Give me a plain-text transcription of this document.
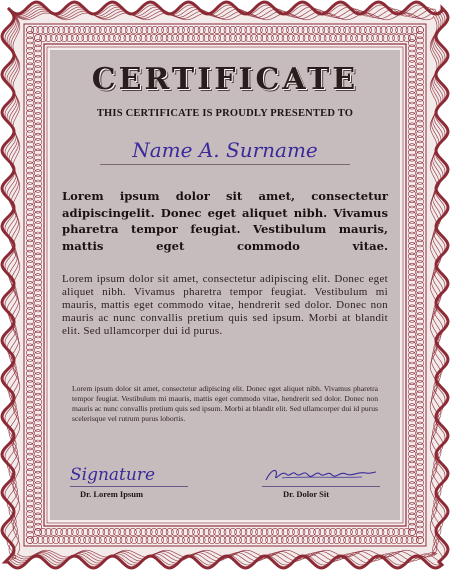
CERTIFICATE
THIS CERTIFICATE IS PROUDLY PRESENTED TO
Name A. Surname
Lorem ipsum dolor sit amet, consectetur adipiscingelit. Donec eget aliquet nibh. Vivamus pharetra tempor feugiat. Vestibulum mauris, mattis eget commodo vitae.
Lorem ipsum dolor sit amet, consectetur adipiscing elit. Donec eget aliquet nibh. Vivamus pharetra tempor feugiat. Vestibulum mi mauris, mattis eget commodo vitae, hendrerit sed dolor. Donec non mauris ac nunc convallis pretium quis sed ipsum. Morbi at blandit elit. Sed ullamcorper dui id purus.
Lorem ipsum dolor sit amet, consectetur adipiscing elit. Donec eget aliquet nibh. Vivamus pharetra tempor feugiat. Vestibulum mi mauris, mattis eget commodo vitae, hendrerit sed dolor. Donec non mauris ac nunc convallis pretium quis sed ipsum. Morbi at blandit elit. Sed ullamcorper dui id purus scelerisque vel rutrum purus lobortis.
Signature
Dr. Lorem Ipsum	Dr. Dolor Sit
